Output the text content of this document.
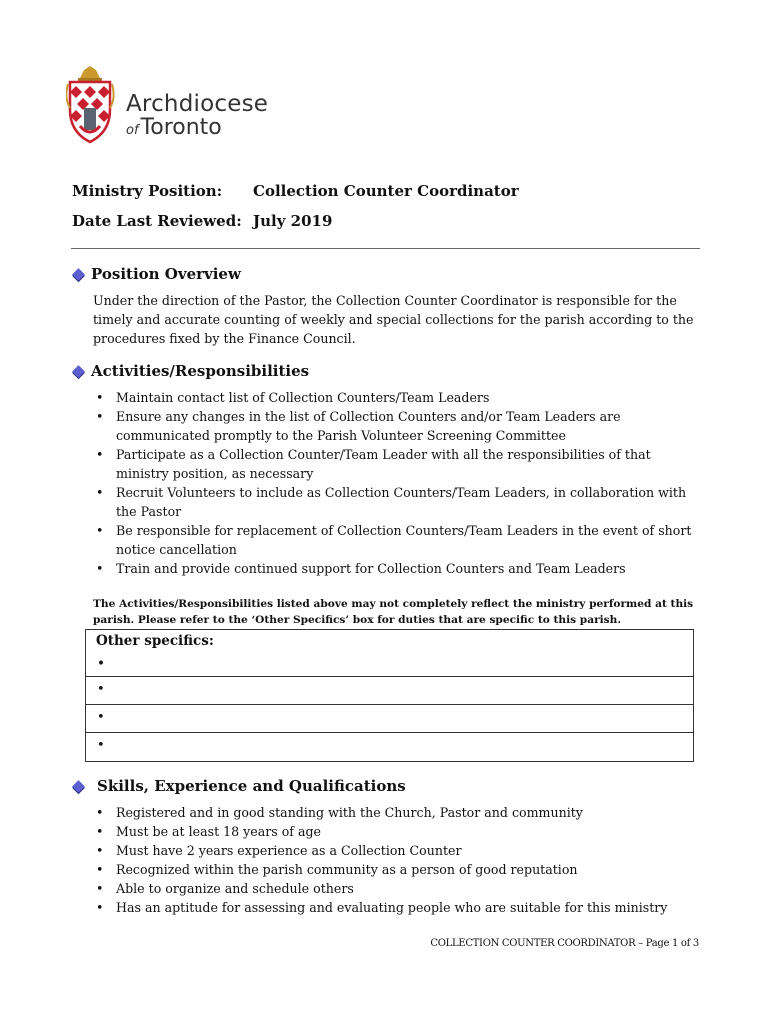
Archdiocese
ofToronto
Ministry Position:	Collection Counter Coordinator
Date Last Reviewed: July 2019
Position Overview
Under the direction of the Pastor, the Collection Counter Coordinator is responsible for the timely and accurate counting of weekly and special collections for the parish according to the procedures fixed by the Finance Council.
Activities/Responsibilities
• Maintain contact list of Collection Counters/Team Leaders
• Ensure any changes in the list of Collection Counters and/or Team Leaders are communicated promptly to the Parish Volunteer Screening Committee
• Participate as a Collection Counter/Team Leader with all the responsibilities of that ministry position, as necessary
• Recruit Volunteers to include as Collection Counters/Team Leaders, in collaboration with the Pastor
• Be responsible for replacement of Collection Counters/Team Leaders in the event of short notice cancellation
• Train and provide continued support for Collection Counters and Team Leaders
The Activities/Responsibilities listed above may not completely reflect the ministry performed at this parish. Please refer to the ‘Other Specifics’ box for duties that are specific to this parish.
Other specifics:
•
•
•
•
Skills, Experience and Qualifications
• Registered and in good standing with the Church, Pastor and community
• Must be at least 18 years of age
• Must have 2 years experience as a Collection Counter
• Recognized within the parish community as a person of good reputation
• Able to organize and schedule others
• Has an aptitude for assessing and evaluating people who are suitable for this ministry
COLLECTION COUNTER COORDINATOR – Page 1 of 3
